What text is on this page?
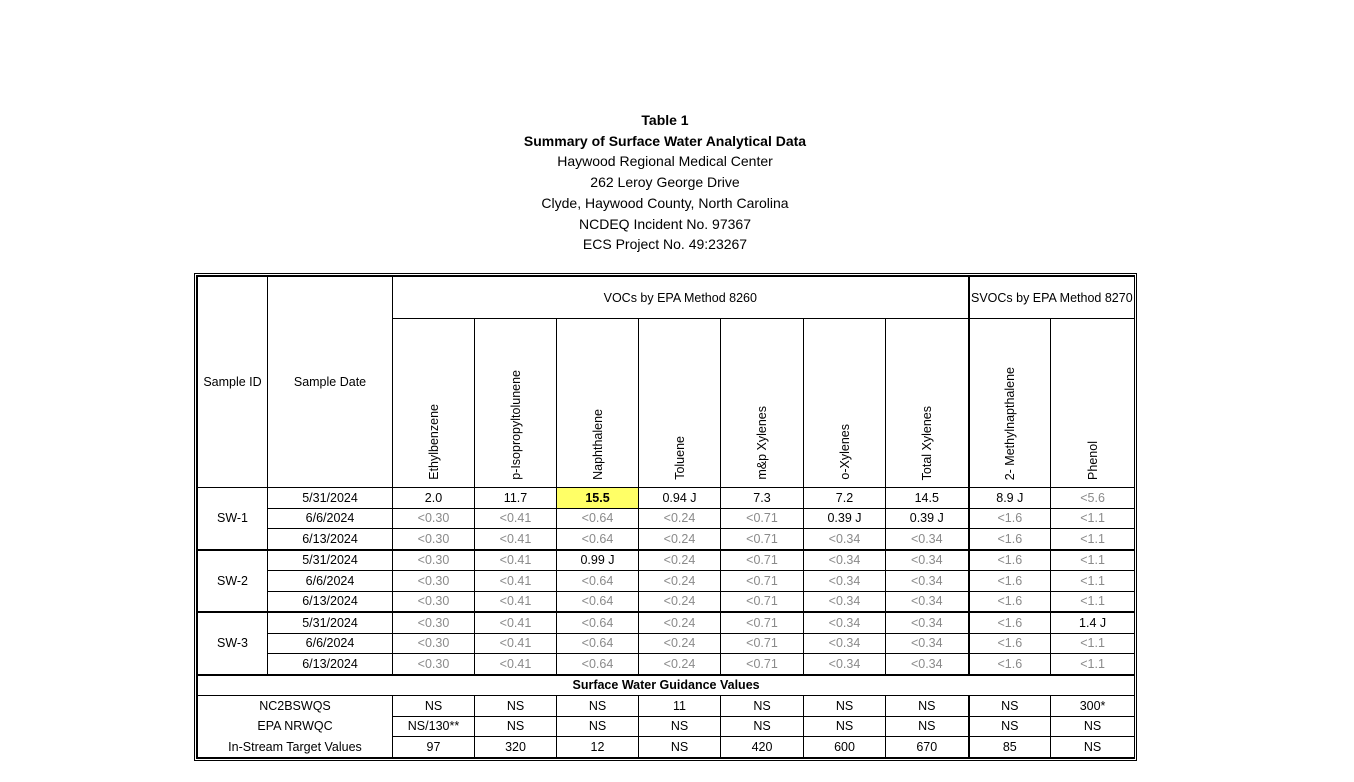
Table 1
Summary of Surface Water Analytical Data
Haywood Regional Medical Center
262 Leroy George Drive
Clyde, Haywood County, North Carolina
NCDEQ Incident No. 97367
ECS Project No. 49:23267
Sample ID	Sample Date	VOCs by EPA Method 8260							SVOCs by EPA Method 8270	
		Ethylbenzene	p-Isopropyltolunene	Naphthalene	Toluene	m&p Xylenes	o-Xylenes	Total Xylenes	2- Methylnapthalene	Phenol
SW-1	5/31/2024	2.0	11.7	15.5	0.94 J	7.3	7.2	14.5	8.9 J	<5.6
	6/6/2024	<0.30	<0.41	<0.64	<0.24	<0.71	0.39 J	0.39 J	<1.6	<1.1
	6/13/2024	<0.30	<0.41	<0.64	<0.24	<0.71	<0.34	<0.34	<1.6	<1.1
SW-2	5/31/2024	<0.30	<0.41	0.99 J	<0.24	<0.71	<0.34	<0.34	<1.6	<1.1
	6/6/2024	<0.30	<0.41	<0.64	<0.24	<0.71	<0.34	<0.34	<1.6	<1.1
	6/13/2024	<0.30	<0.41	<0.64	<0.24	<0.71	<0.34	<0.34	<1.6	<1.1
SW-3	5/31/2024	<0.30	<0.41	<0.64	<0.24	<0.71	<0.34	<0.34	<1.6	1.4 J
	6/6/2024	<0.30	<0.41	<0.64	<0.24	<0.71	<0.34	<0.34	<1.6	<1.1
	6/13/2024	<0.30	<0.41	<0.64	<0.24	<0.71	<0.34	<0.34	<1.6	<1.1
Surface Water Guidance Values										
NC2BSWQS		NS	NS	NS	11	NS	NS	NS	NS	300*
EPA NRWQC		NS/130**	NS	NS	NS	NS	NS	NS	NS	NS
In-Stream Target Values		97	320	12	NS	420	600	670	85	NS
